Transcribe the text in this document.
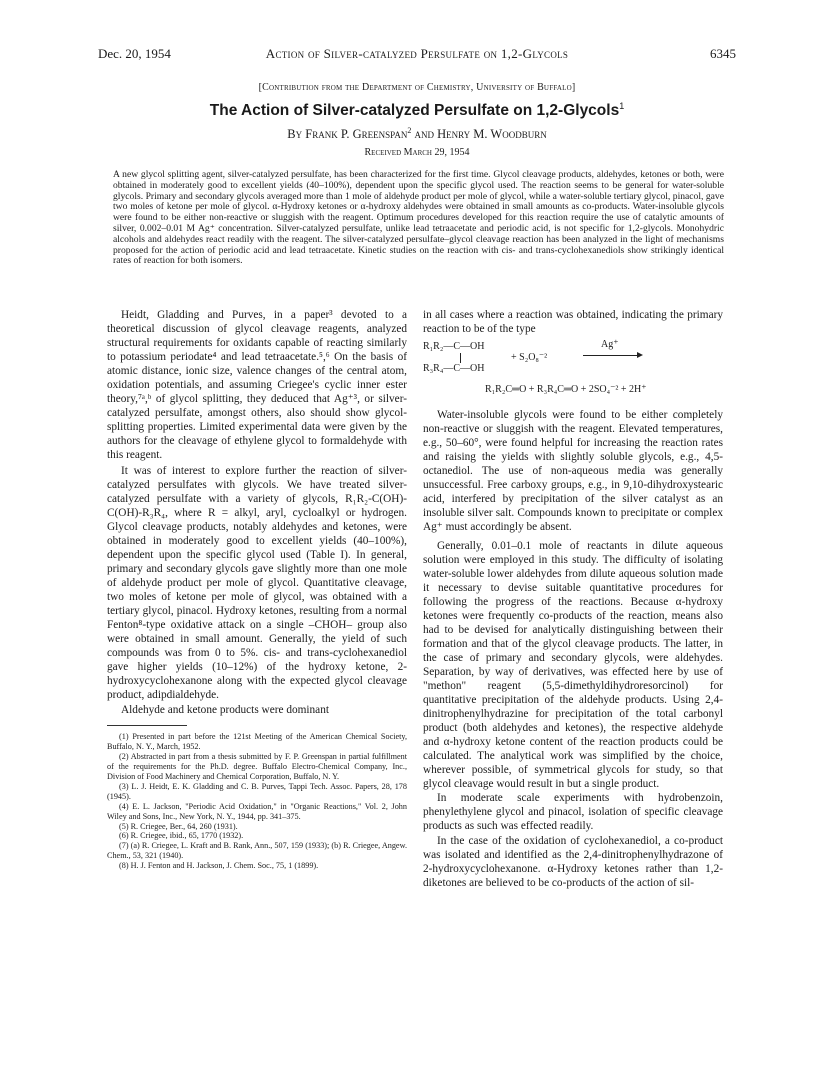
Dec. 20, 1954	Action of Silver-catalyzed Persulfate on 1,2-Glycols	6345
[Contribution from the Department of Chemistry, University of Buffalo]
The Action of Silver-catalyzed Persulfate on 1,2-Glycols$^1$
By Frank P. Greenspan$^2$ and Henry M. Woodburn
Received March 29, 1954
A new glycol splitting agent, silver-catalyzed persulfate, has been characterized for the first time. Glycol cleavage products, aldehydes, ketones or both, were obtained in moderately good to excellent yields (40–100%), dependent upon the specific glycol used. The reaction seems to be general for water-soluble glycols. Primary and secondary glycols averaged more than 1 mole of aldehyde product per mole of glycol, while a water-soluble tertiary glycol, pinacol, gave two moles of ketone per mole of glycol. α-Hydroxy ketones or α-hydroxy aldehydes were obtained in small amounts as co-products. Water-insoluble glycols were found to be either non-reactive or sluggish with the reagent. Optimum procedures developed for this reaction require the use of catalytic amounts of silver, 0.002–0.01 M Ag⁺ concentration. Silver-catalyzed persulfate, unlike lead tetraacetate and periodic acid, is not specific for 1,2-glycols. Monohydric alcohols and aldehydes react readily with the reagent. The silver-catalyzed persulfate–glycol cleavage reaction has been analyzed in the light of mechanisms proposed for the action of periodic acid and lead tetraacetate. Kinetic studies on the reaction with cis- and trans-cyclohexanediols show strikingly identical rates of reaction for both isomers.

Heidt, Gladding and Purves, in a paper³ devoted to a theoretical discussion of glycol cleavage reagents, analyzed structural requirements for oxidants capable of reacting similarly to potassium periodate⁴ and lead tetraacetate.⁵,⁶ On the basis of atomic distance, ionic size, valence changes of the central atom, oxidation potentials, and assuming Criegee's cyclic inner ester theory,⁷ᵃ,ᵇ of glycol splitting, they deduced that Ag⁺³, or silver-catalyzed persulfate, amongst others, also should show glycol-splitting properties. Limited experimental data were given by the authors for the cleavage of ethylene glycol to formaldehyde with this reagent.

It was of interest to explore further the reaction of silver-catalyzed persulfates with glycols. We have treated silver-catalyzed persulfate with a variety of glycols, R₁R₂-C(OH)-C(OH)-R₃R₄, where R = alkyl, aryl, cycloalkyl or hydrogen. Glycol cleavage products, notably aldehydes and ketones, were obtained in moderately good to excellent yields (40–100%), dependent upon the specific glycol used (Table I). In general, primary and secondary glycols gave slightly more than one mole of aldehyde product per mole of glycol. Quantitative cleavage, two moles of ketone per mole of glycol, was obtained with a tertiary glycol, pinacol. Hydroxy ketones, resulting from a normal Fenton⁸-type oxidative attack on a single –CHOH– group also were obtained in small amount. Generally, the yield of such compounds was from 0 to 5%. cis- and trans-cyclohexanediol gave higher yields (10–12%) of the hydroxy ketone, 2-hydroxycyclohexanone along with the expected glycol cleavage product, adipdialdehyde.

Aldehyde and ketone products were dominant

(1) Presented in part before the 121st Meeting of the American Chemical Society, Buffalo, N. Y., March, 1952.
(2) Abstracted in part from a thesis submitted by F. P. Greenspan in partial fulfillment of the requirements for the Ph.D. degree. Buffalo Electro-Chemical Company, Inc., Division of Food Machinery and Chemical Corporation, Buffalo, N. Y.
(3) L. J. Heidt, E. K. Gladding and C. B. Purves, Tappi Tech. Assoc. Papers, 28, 178 (1945).
(4) E. L. Jackson, "Periodic Acid Oxidation," in "Organic Reactions," Vol. 2, John Wiley and Sons, Inc., New York, N. Y., 1944, pp. 341–375.
(5) R. Criegee, Ber., 64, 260 (1931).
(6) R. Criegee, ibid., 65, 1770 (1932).
(7) (a) R. Criegee, L. Kraft and B. Rank, Ann., 507, 159 (1933); (b) R. Criegee, Angew. Chem., 53, 321 (1940).
(8) H. J. Fenton and H. Jackson, J. Chem. Soc., 75, 1 (1899).

in all cases where a reaction was obtained, indicating the primary reaction to be of the type

R₁R₂—C—OH
R₃R₄—C—OH
+ S₂O₈⁻²
Ag⁺
R₁R₂C═O + R₃R₄C═O + 2SO₄⁻² + 2H⁺

Water-insoluble glycols were found to be either completely non-reactive or sluggish with the reagent. Elevated temperatures, e.g., 50–60°, were found helpful for increasing the reaction rates and raising the yields with slightly soluble glycols, e.g., 4,5-octanediol. The use of non-aqueous media was generally unsuccessful. Free carboxy groups, e.g., in 9,10-dihydroxystearic acid, interfered by precipitation of the silver catalyst as an insoluble silver salt. Compounds known to precipitate or complex Ag⁺ must accordingly be absent.

Generally, 0.01–0.1 mole of reactants in dilute aqueous solution were employed in this study. The difficulty of isolating water-soluble lower aldehydes from dilute aqueous solution made it necessary to devise suitable quantitative procedures for following the progress of the reactions. Because α-hydroxy ketones were frequently co-products of the reaction, means also had to be devised for analytically distinguishing between their formation and that of the glycol cleavage products. The latter, in the case of primary and secondary glycols, were aldehydes. Separation, by way of derivatives, was effected here by use of "methon" reagent (5,5-dimethyldihydroresorcinol) for quantitative precipitation of the aldehyde products. Using 2,4-dinitrophenylhydrazine for precipitation of the total carbonyl product (both aldehydes and ketones), the respective aldehyde and α-hydroxy ketone content of the reaction products could be calculated. The analytical work was simplified by the choice, wherever possible, of symmetrical glycols for study, so that glycol cleavage would result in but a single product.

In moderate scale experiments with hydrobenzoin, phenylethylene glycol and pinacol, isolation of specific cleavage products as such was effected readily.

In the case of the oxidation of cyclohexanediol, a co-product was isolated and identified as the 2,4-dinitrophenylhydrazone of 2-hydroxycyclohexanone. α-Hydroxy ketones rather than 1,2-diketones are believed to be co-products of the action of sil-
